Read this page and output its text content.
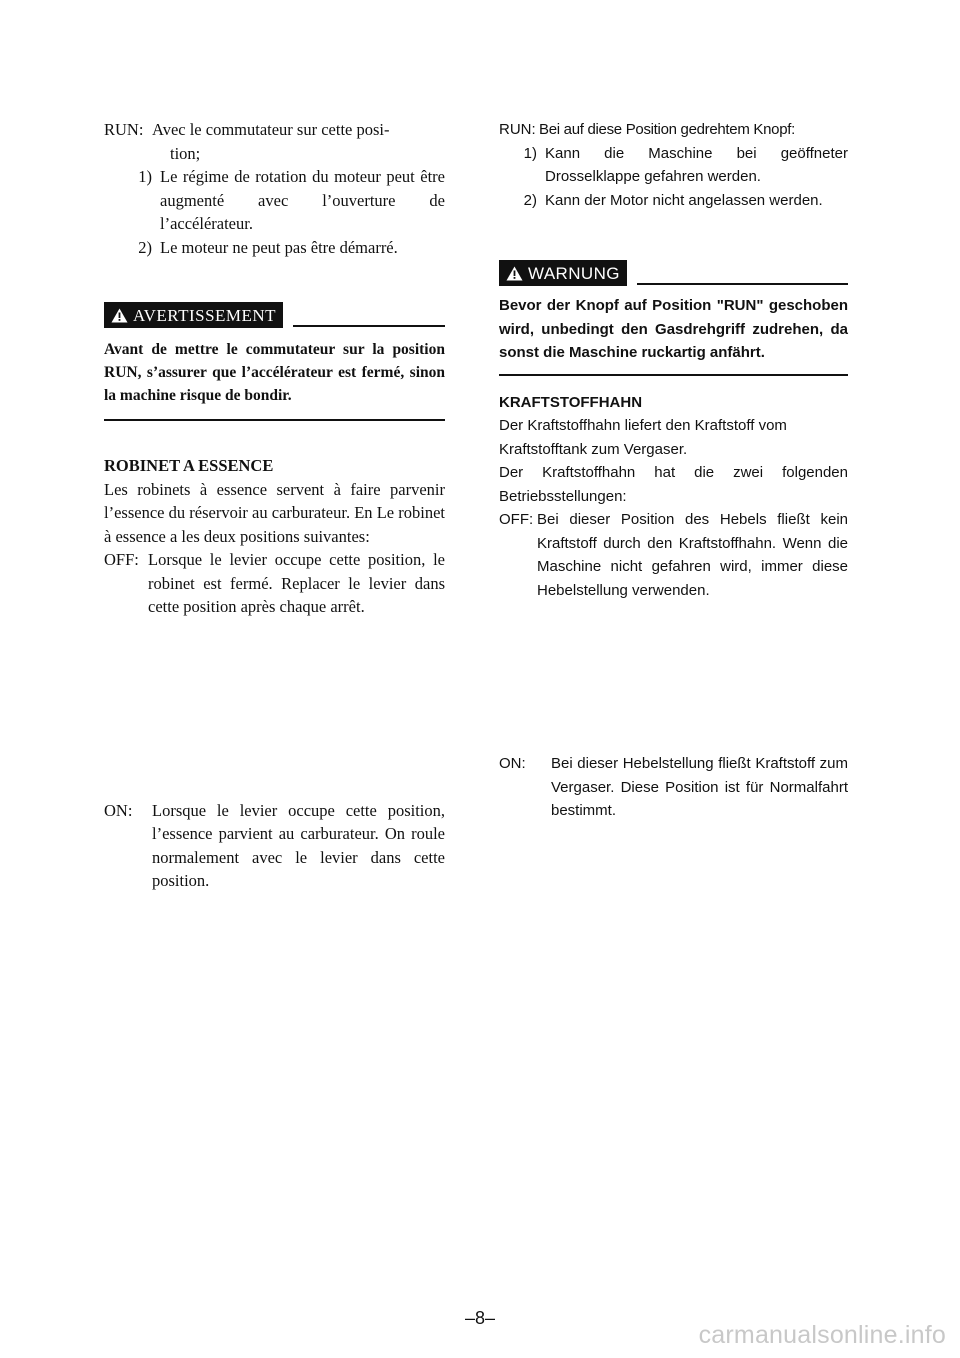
RUN: Avec le commutateur sur cette posi-
tion;
1) Le régime de rotation du moteur peut être augmenté avec l’ouverture de l’accélérateur.
2) Le moteur ne peut pas être démarré.
AVERTISSEMENT
Avant de mettre le commutateur sur la position RUN, s’assurer que l’accélérateur est fermé, sinon la machine risque de bondir.
ROBINET A ESSENCE
Les robinets à essence servent à faire parvenir l’essence du réservoir au carburateur. En Le robinet à essence a les deux positions suivantes:
OFF: Lorsque le levier occupe cette position, le robinet est fermé. Replacer le levier dans cette position après chaque arrêt.
ON:	Lorsque le levier occupe cette position, l’essence parvient au carburateur. On roule normalement avec le levier dans cette position.
RUN: Bei auf diese Position gedrehtem Knopf:
1) Kann die Maschine bei geöffneter Drosselklappe gefahren werden.
2) Kann der Motor nicht angelassen werden.
WARNUNG
Bevor der Knopf auf Position "RUN" geschoben wird, unbedingt den Gasdrehgriff zudrehen, da sonst die Maschine ruckartig anfährt.
KRAFTSTOFFHAHN
Der Kraftstoffhahn liefert den Kraftstoff vom Kraftstofftank zum Vergaser.
Der Kraftstoffhahn hat die zwei folgenden Betriebsstellungen:
OFF: Bei dieser Position des Hebels fließt kein Kraftstoff durch den Kraftstoffhahn. Wenn die Maschine nicht gefahren wird, immer diese Hebelstellung verwenden.
ON:	Bei dieser Hebelstellung fließt Kraftstoff zum Vergaser. Diese Position ist für Normalfahrt bestimmt.
–8–
carmanualsonline.info
